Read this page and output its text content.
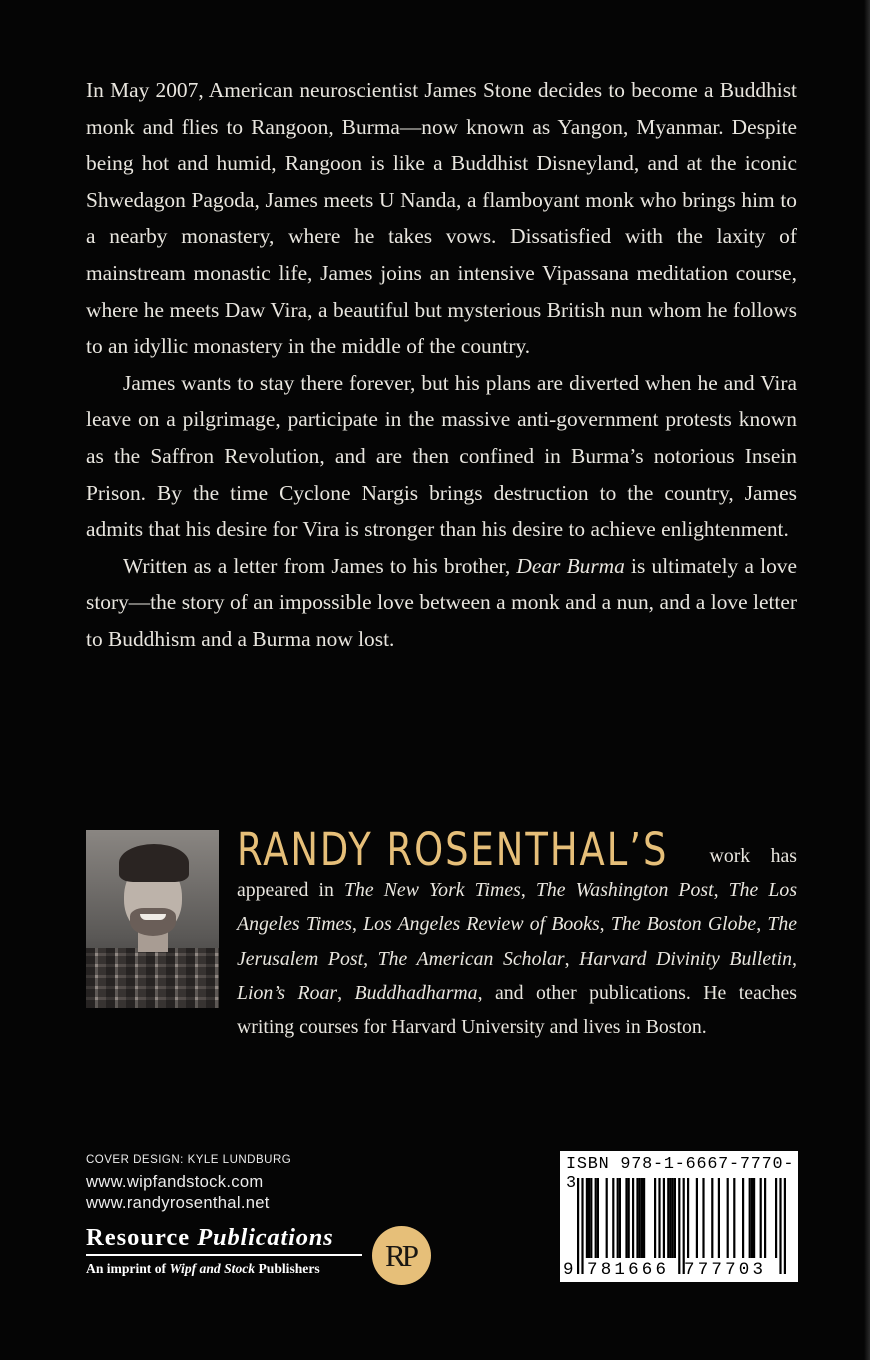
In May 2007, American neuroscientist James Stone decides to become a Buddhist monk and flies to Rangoon, Burma—now known as Yangon, Myanmar. Despite being hot and humid, Rangoon is like a Buddhist Disneyland, and at the iconic Shwedagon Pagoda, James meets U Nanda, a flamboyant monk who brings him to a nearby monastery, where he takes vows. Dissatisfied with the laxity of mainstream monastic life, James joins an intensive Vipassana meditation course, where he meets Daw Vira, a beautiful but mysterious British nun whom he follows to an idyllic monastery in the middle of the country.

James wants to stay there forever, but his plans are diverted when he and Vira leave on a pilgrimage, participate in the massive anti-government protests known as the Saffron Revolution, and are then confined in Burma’s notorious Insein Prison. By the time Cyclone Nargis brings destruction to the country, James admits that his desire for Vira is stronger than his desire to achieve enlightenment.

Written as a letter from James to his brother, Dear Burma is ultimately a love story—the story of an impossible love between a monk and a nun, and a love letter to Buddhism and a Burma now lost.

RANDY ROSENTHAL’S work has appeared in The New York Times, The Washington Post, The Los Angeles Times, Los Angeles Review of Books, The Boston Globe, The Jerusalem Post, The American Scholar, Harvard Divinity Bulletin, Lion’s Roar, Buddhadharma, and other publications. He teaches writing courses for Harvard University and lives in Boston.
COVER DESIGN: KYLE LUNDBURG
www.wipfandstock.com
www.randyrosenthal.net
Resource Publications
An imprint of Wipf and Stock Publishers	RP
ISBN 978-1-6667-7770-3
9 781666 777703
